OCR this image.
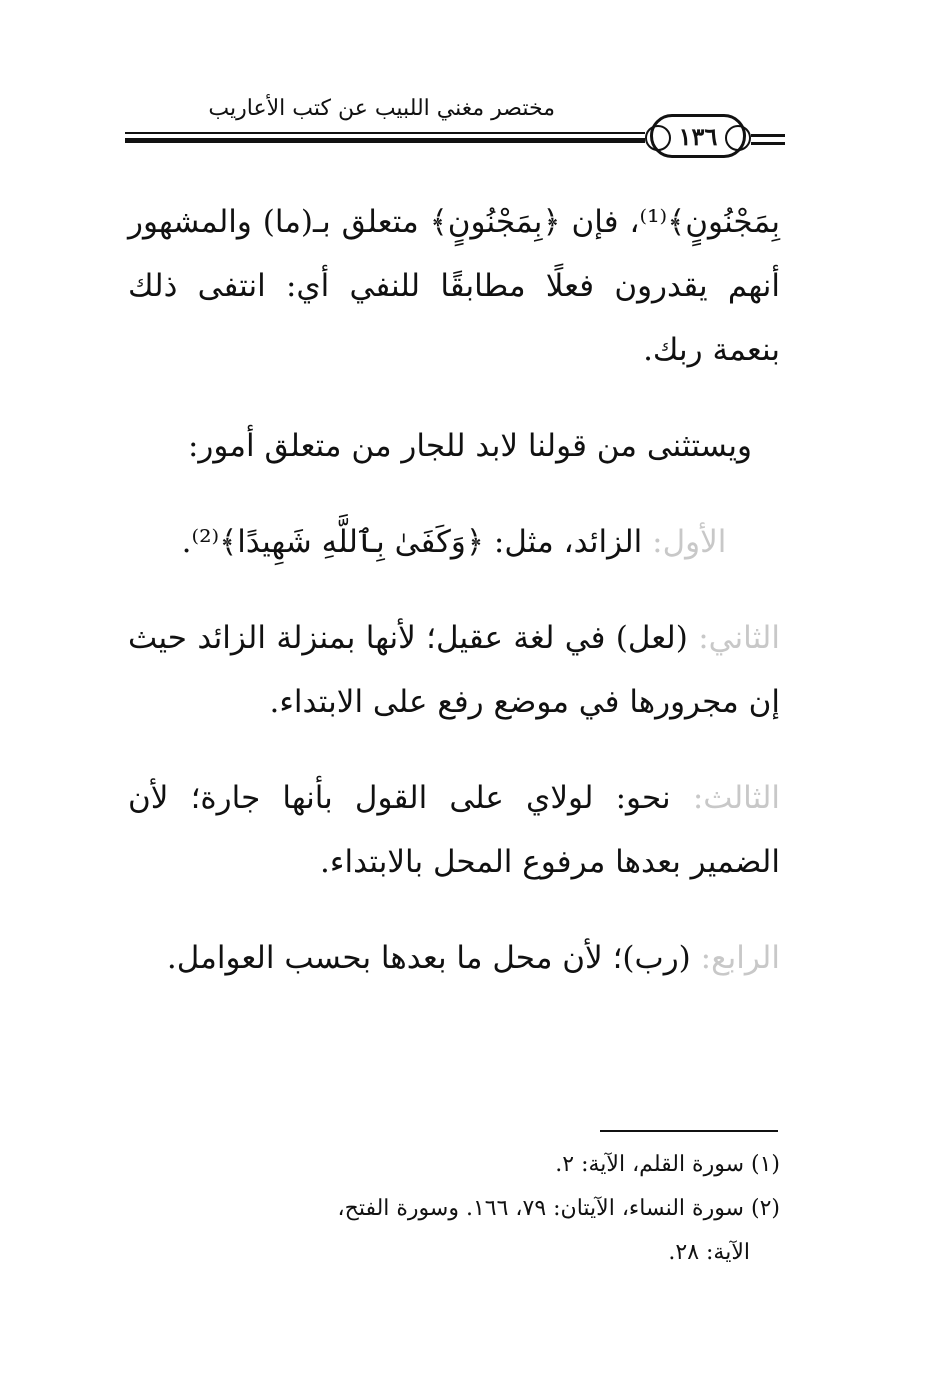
مختصر مغني اللبيب عن كتب الأعاريب
١٣٦

بِمَجْنُونٍ﴾⁽¹⁾، فإن ﴿بِمَجْنُونٍ﴾ متعلق بـ(ما) والمشهور أنهم يقدرون فعلًا مطابقًا للنفي أي: انتفى ذلك بنعمة ربك.

ويستثنى من قولنا لابد للجار من متعلق أمور:

الأول: الزائد، مثل: ﴿وَكَفَىٰ بِٱللَّهِ شَهِيدًا﴾⁽²⁾.

الثاني: (لعل) في لغة عقيل؛ لأنها بمنزلة الزائد حيث إن مجرورها في موضع رفع على الابتداء.

الثالث: نحو: لولاي على القول بأنها جارة؛ لأن الضمير بعدها مرفوع المحل بالابتداء.

الرابع: (رب)؛ لأن محل ما بعدها بحسب العوامل.

(١) سورة القلم، الآية: ٢.
(٢) سورة النساء، الآيتان: ٧٩، ١٦٦. وسورة الفتح،
الآية: ٢٨.
